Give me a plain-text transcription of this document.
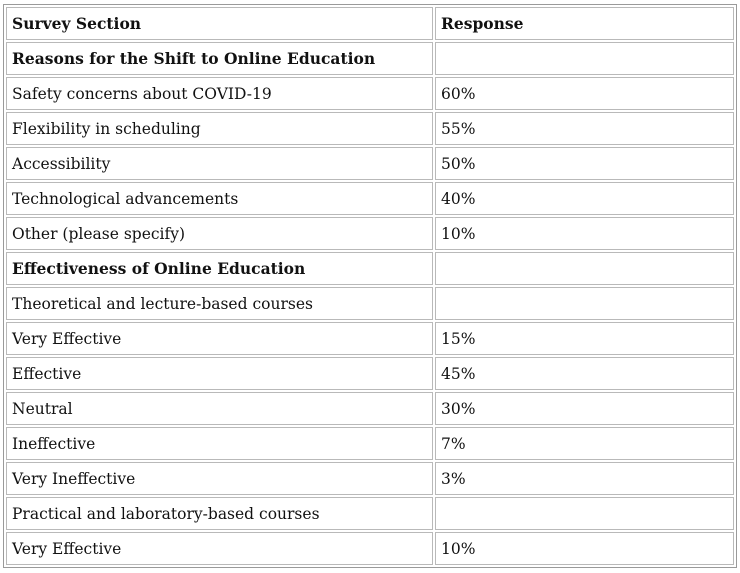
Survey Section	Response
Reasons for the Shift to Online Education	
Safety concerns about COVID-19	60%
Flexibility in scheduling	55%
Accessibility	50%
Technological advancements	40%
Other (please specify)	10%
Effectiveness of Online Education	
Theoretical and lecture-based courses	
Very Effective	15%
Effective	45%
Neutral	30%
Ineffective	7%
Very Ineffective	3%
Practical and laboratory-based courses	
Very Effective	10%
